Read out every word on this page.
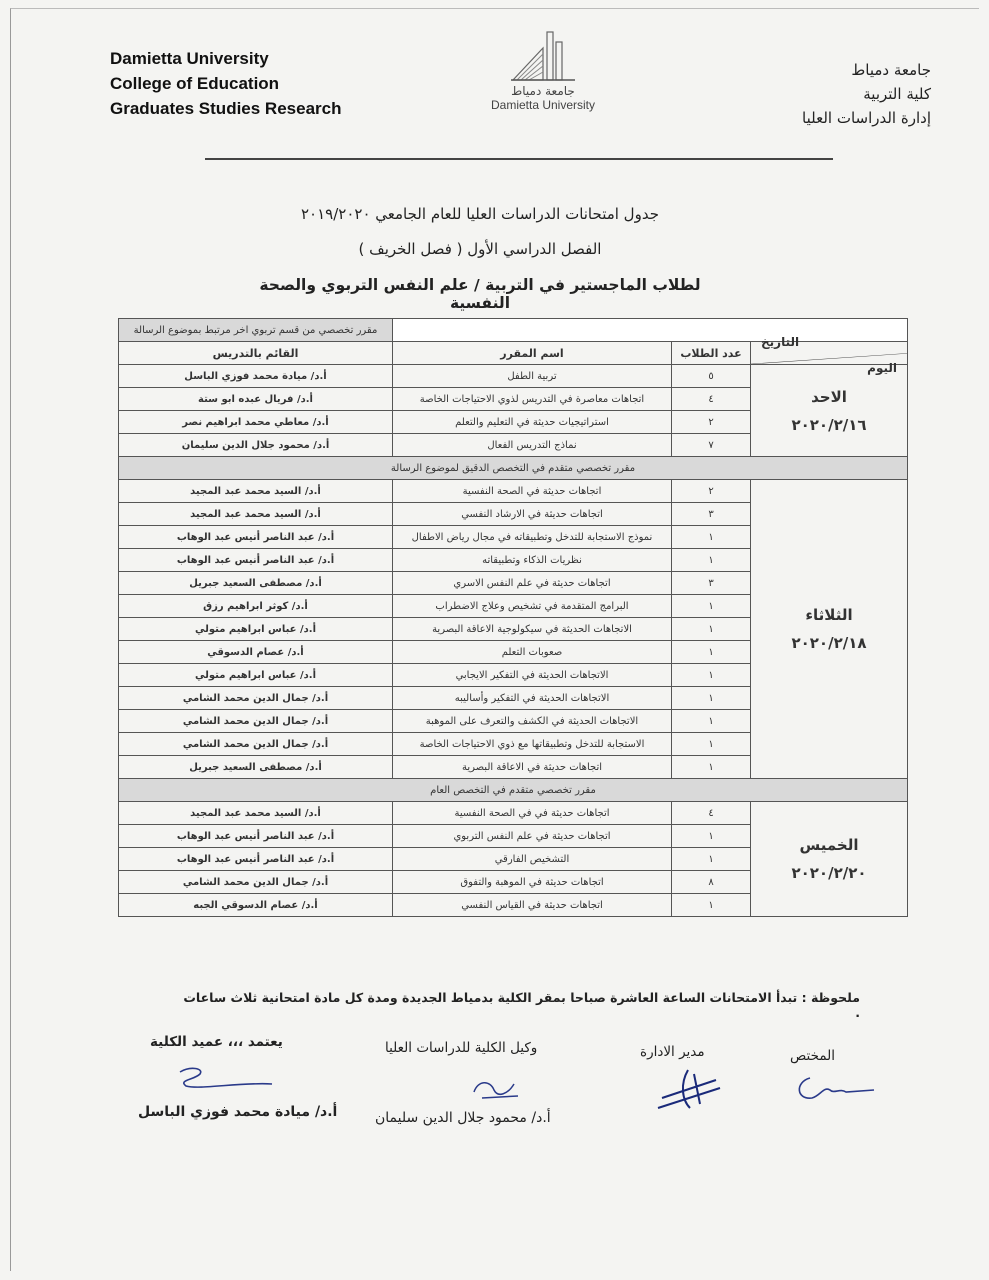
Damietta University
College of Education
Graduates Studies Research
جامعة دمياط
Damietta University
جامعة دمياط
كلية التربية
إدارة الدراسات العليا
جدول امتحانات الدراسات العليا للعام الجامعي ٢٠١٩/٢٠٢٠
الفصل الدراسي الأول ( فصل الخريف )
لطلاب الماجستير في التربية / علم النفس التربوي والصحة النفسية
			مقرر تخصصي من قسم تربوي اخر مرتبط بموضوع الرسالة

اليوم
التاريخ	عدد الطلاب	اسم المقرر	القائم بالتدريس

الاحد
٢٠٢٠/٢/١٦	٥	تربية الطفل	أ.د/ ميادة محمد فوزي الباسل
	٤	اتجاهات معاصرة في التدريس لذوي الاحتياجات الخاصة	أ.د/ فريال عبده ابو ستة
	٢	استراتيجيات حديثة في التعليم والتعلم	أ.د/ معاطي محمد ابراهيم نصر
	٧	نماذج التدريس الفعال	أ.د/ محمود جلال الدين سليمان
مقرر تخصصي متقدم في التخصص الدقيق لموضوع الرسالة			

الثلاثاء
٢٠٢٠/٢/١٨	٢	اتجاهات حديثة في الصحة النفسية	أ.د/ السيد محمد عبد المجيد
	٣	اتجاهات حديثة في الارشاد النفسي	أ.د/ السيد محمد عبد المجيد
	١	نموذج الاستجابة للتدخل وتطبيقاته في مجال رياض الاطفال	أ.د/ عبد الناصر أنيس عبد الوهاب
	١	نظريات الذكاء وتطبيقاته	أ.د/ عبد الناصر أنيس عبد الوهاب
	٣	اتجاهات حديثة في علم النفس الاسري	أ.د/ مصطفى السعيد جبريل
	١	البرامج المتقدمة في تشخيص وعلاج الاضطراب	أ.د/ كوثر ابراهيم رزق
	١	الاتجاهات الحديثة في سيكولوجية الاعاقة البصرية	أ.د/ عباس ابراهيم متولي
	١	صعوبات التعلم	أ.د/ عصام الدسوقي
	١	الاتجاهات الحديثة في التفكير الايجابي	أ.د/ عباس ابراهيم متولي
	١	الاتجاهات الحديثة في التفكير وأساليبه	أ.د/ جمال الدين محمد الشامي
	١	الاتجاهات الحديثة في الكشف والتعرف على الموهبة	أ.د/ جمال الدين محمد الشامي
	١	الاستجابة للتدخل وتطبيقاتها مع ذوي الاحتياجات الخاصة	أ.د/ جمال الدين محمد الشامي
	١	اتجاهات حديثة في الاعاقة البصرية	أ.د/ مصطفى السعيد جبريل
مقرر تخصصي متقدم في التخصص العام			

الخميس
٢٠٢٠/٢/٢٠	٤	اتجاهات حديثة في في الصحة النفسية	أ.د/ السيد محمد عبد المجيد
	١	اتجاهات حديثة في علم النفس التربوي	أ.د/ عبد الناصر أنيس عبد الوهاب
	١	التشخيص الفارقي	أ.د/ عبد الناصر أنيس عبد الوهاب
	٨	اتجاهات حديثة في الموهبة والتفوق	أ.د/ جمال الدين محمد الشامي
	١	اتجاهات حديثة في القياس النفسي	أ.د/ عصام الدسوقي الجبه
ملحوظة : تبدأ الامتحانات الساعة العاشرة صباحا بمقر الكلية بدمياط الجديدة ومدة كل مادة امتحانية ثلاث ساعات .
المختص
مدير الادارة
وكيل الكلية للدراسات العليا
أ.د/ محمود جلال الدين سليمان
يعتمد ،،، عميد الكلية
أ.د/ ميادة محمد فوزي الباسل
